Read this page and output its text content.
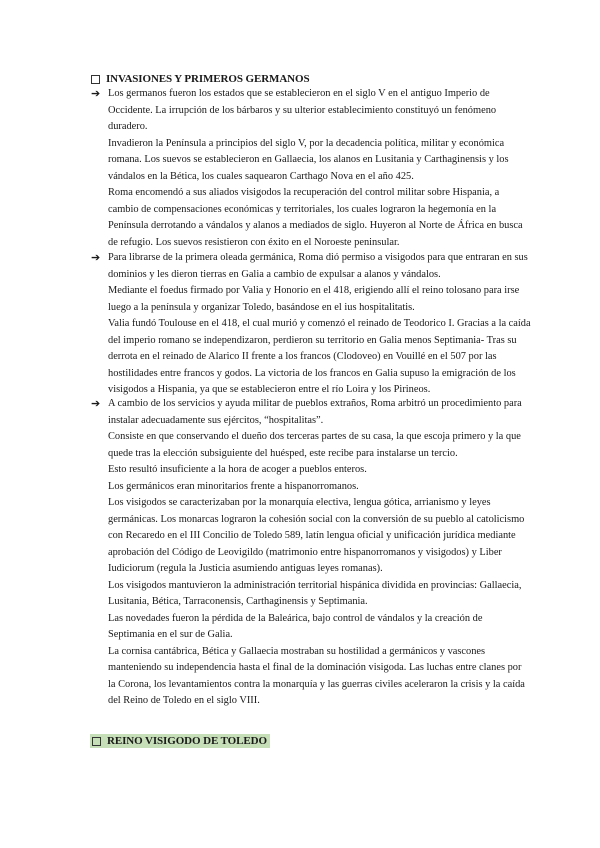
INVASIONES Y PRIMEROS GERMANOS
➔ Los germanos fueron los estados que se establecieron en el siglo V en el antiguo Imperio de Occidente. La irrupción de los bárbaros y su ulterior establecimiento constituyó un fenómeno duradero.

Invadieron la Península a principios del siglo V, por la decadencia política, militar y económica romana. Los suevos se establecieron en Gallaecia, los alanos en Lusitania y Carthaginensis y los vándalos en la Bética, los cuales saquearon Carthago Nova en el año 425.

Roma encomendó a sus aliados visigodos la recuperación del control militar sobre Hispania, a cambio de compensaciones económicas y territoriales, los cuales lograron la hegemonía en la Península derrotando a vándalos y alanos a mediados de siglo. Huyeron al Norte de África en busca de refugio. Los suevos resistieron con éxito en el Noroeste peninsular.

➔ Para librarse de la primera oleada germánica, Roma dió permiso a visigodos para que entraran en sus dominios y les dieron tierras en Galia a cambio de expulsar a alanos y vándalos.

Mediante el foedus firmado por Valia y Honorio en el 418, erigiendo allí el reino tolosano para irse luego a la península y organizar Toledo, basándose en el ius hospitalitatis.

Valia fundó Toulouse en el 418, el cual murió y comenzó el reinado de Teodorico I. Gracias a la caída del imperio romano se independizaron, perdieron su territorio en Galia menos Septimania- Tras su derrota en el reinado de Alarico II frente a los francos (Clodoveo) en Vouillé en el 507 por las hostilidades entre francos y godos. La victoria de los francos en Galia supuso la emigración de los visigodos a Hispania, ya que se establecieron entre el río Loira y los Pirineos.

➔ A cambio de los servicios y ayuda militar de pueblos extraños, Roma arbitró un procedimiento para instalar adecuadamente sus ejércitos, “hospitalitas”.

Consiste en que conservando el dueño dos terceras partes de su casa, la que escoja primero y la que quede tras la elección subsiguiente del huésped, este recibe para instalarse un tercio.

Esto resultó insuficiente a la hora de acoger a pueblos enteros.

Los germánicos eran minoritarios frente a hispanorromanos.

Los visigodos se caracterizaban por la monarquía electiva, lengua gótica, arrianismo y leyes germánicas. Los monarcas lograron la cohesión social con la conversión de su pueblo al catolicismo con Recaredo en el III Concilio de Toledo 589, latín lengua oficial y unificación jurídica mediante aprobación del Código de Leovigildo (matrimonio entre hispanorromanos y visigodos) y Liber Iudiciorum (regula la Justicia asumiendo antiguas leyes romanas).

Los visigodos mantuvieron la administración territorial hispánica dividida en provincias: Gallaecia, Lusitania, Bética, Tarraconensis, Carthaginensis y Septimania.

Las novedades fueron la pérdida de la Baleárica, bajo control de vándalos y la creación de Septimania en el sur de Galia.

La cornisa cantábrica, Bética y Gallaecia mostraban su hostilidad a germánicos y vascones manteniendo su independencia hasta el final de la dominación visigoda. Las luchas entre clanes por la Corona, los levantamientos contra la monarquía y las guerras civiles aceleraron la crisis y la caída del Reino de Toledo en el siglo VIII.

REINO VISIGODO DE TOLEDO
